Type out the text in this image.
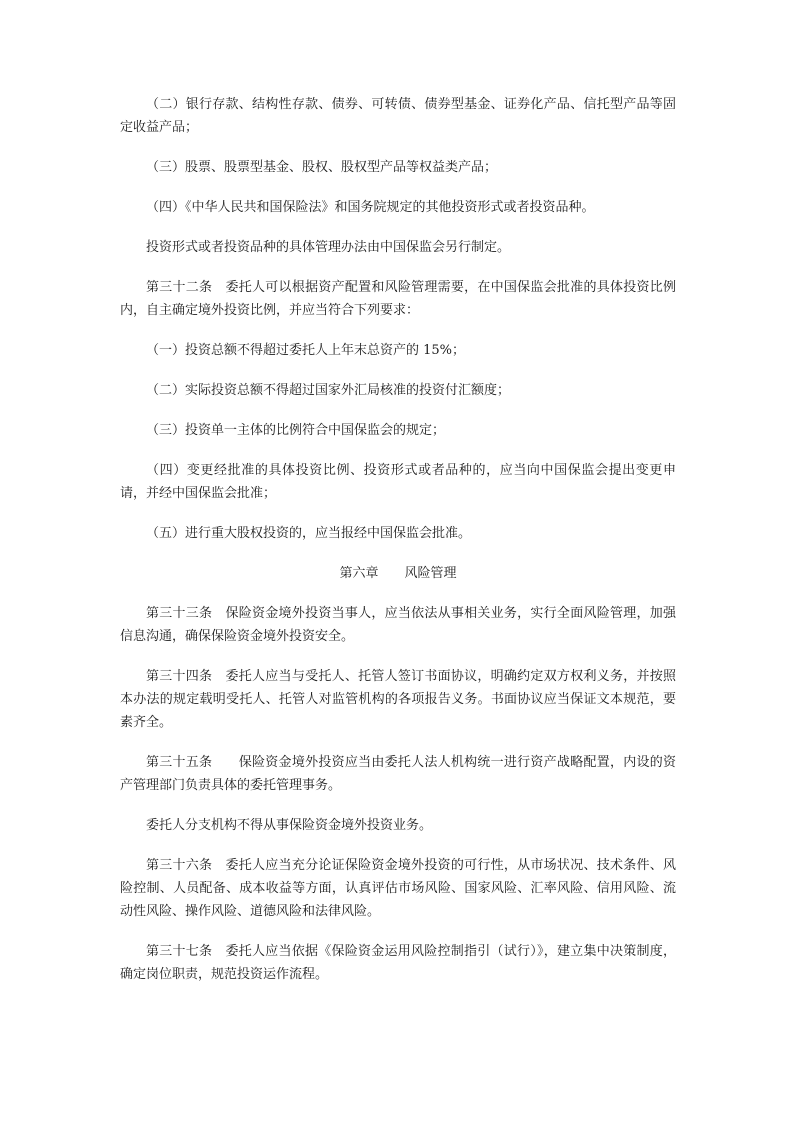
（二）银行存款、结构性存款、债券、可转债、债券型基金、证券化产品、信托型产品等固定收益产品；

（三）股票、股票型基金、股权、股权型产品等权益类产品；

（四）《中华人民共和国保险法》和国务院规定的其他投资形式或者投资品种。

投资形式或者投资品种的具体管理办法由中国保监会另行制定。

第三十二条　委托人可以根据资产配置和风险管理需要，在中国保监会批准的具体投资比例内，自主确定境外投资比例，并应当符合下列要求：

（一）投资总额不得超过委托人上年末总资产的 15%；

（二）实际投资总额不得超过国家外汇局核准的投资付汇额度；

（三）投资单一主体的比例符合中国保监会的规定；

（四）变更经批准的具体投资比例、投资形式或者品种的，应当向中国保监会提出变更申请，并经中国保监会批准；

（五）进行重大股权投资的，应当报经中国保监会批准。

第六章　　风险管理

第三十三条　保险资金境外投资当事人，应当依法从事相关业务，实行全面风险管理，加强信息沟通，确保保险资金境外投资安全。

第三十四条　委托人应当与受托人、托管人签订书面协议，明确约定双方权利义务，并按照本办法的规定载明受托人、托管人对监管机构的各项报告义务。书面协议应当保证文本规范，要素齐全。

第三十五条　　保险资金境外投资应当由委托人法人机构统一进行资产战略配置，内设的资产管理部门负责具体的委托管理事务。

委托人分支机构不得从事保险资金境外投资业务。

第三十六条　委托人应当充分论证保险资金境外投资的可行性，从市场状况、技术条件、风险控制、人员配备、成本收益等方面，认真评估市场风险、国家风险、汇率风险、信用风险、流动性风险、操作风险、道德风险和法律风险。

第三十七条　委托人应当依据《保险资金运用风险控制指引（试行）》，建立集中决策制度，确定岗位职责，规范投资运作流程。
